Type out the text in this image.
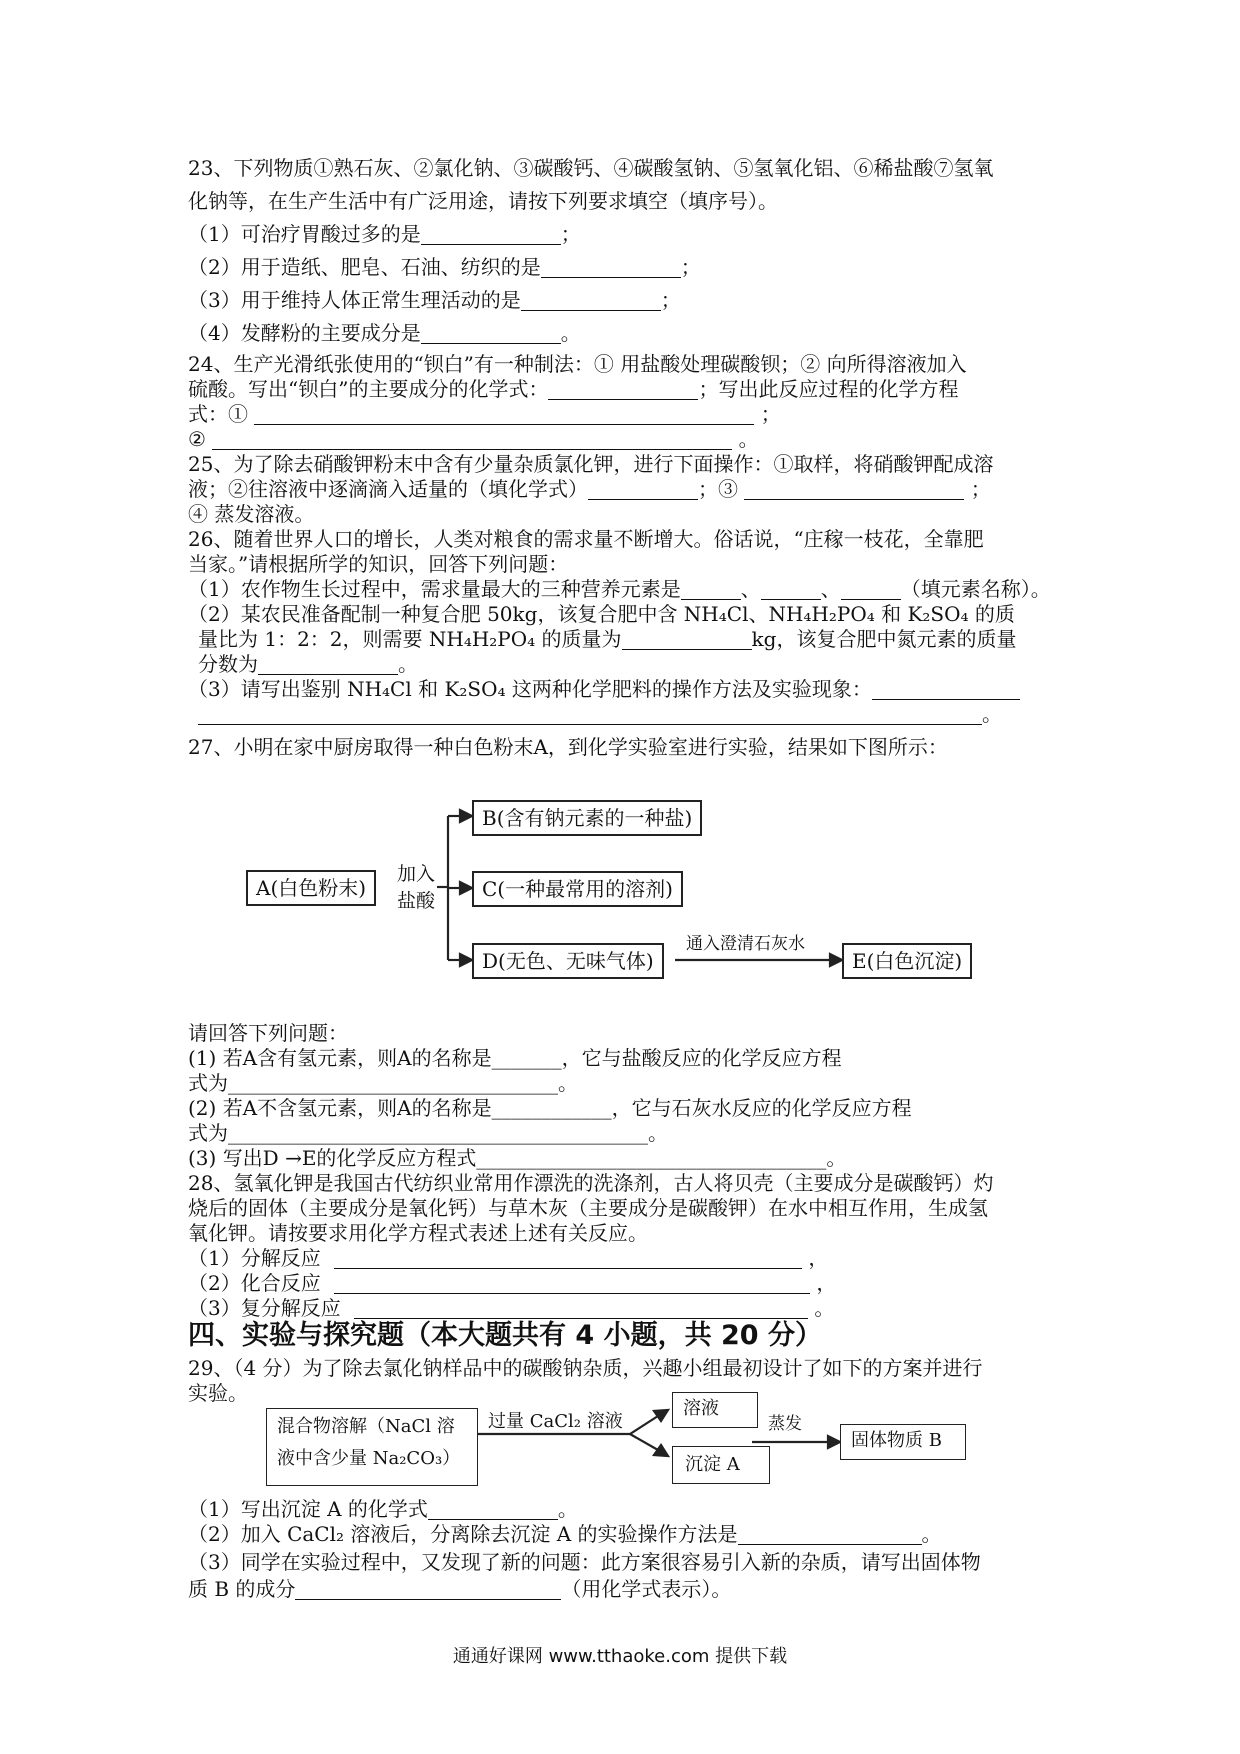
23、下列物质①熟石灰、②氯化钠、③碳酸钙、④碳酸氢钠、⑤氢氧化铝、⑥稀盐酸⑦氢氧
化钠等，在生产生活中有广泛用途，请按下列要求填空（填序号）。
（1）可治疗胃酸过多的是	；
（2）用于造纸、肥皂、石油、纺织的是	；
（3）用于维持人体正常生理活动的是	；
（4）发酵粉的主要成分是	。
24、生产光滑纸张使用的“钡白”有一种制法：① 用盐酸处理碳酸钡；② 向所得溶液加入
硫酸。写出“钡白”的主要成分的化学式：	；写出此反应过程的化学方程
式：①	；
②	。
25、为了除去硝酸钾粉末中含有少量杂质氯化钾，进行下面操作：①取样，将硝酸钾配成溶
液；②往溶液中逐滴滴入适量的（填化学式）	；③	；
④ 蒸发溶液。
26、随着世界人口的增长，人类对粮食的需求量不断增大。俗话说，“庄稼一枝花，全靠肥
当家。”请根据所学的知识，回答下列问题：
（1）农作物生长过程中，需求量最大的三种营养元素是	、	、	（填元素名称）。
（2）某农民准备配制一种复合肥 50kg，该复合肥中含 NH₄Cl、NH₄H₂PO₄ 和 K₂SO₄ 的质
量比为 1：2：2，则需要 NH₄H₂PO₄ 的质量为	kg，该复合肥中氮元素的质量
分数为	。
（3）请写出鉴别 NH₄Cl 和 K₂SO₄ 这两种化学肥料的操作方法及实验现象：
。
27、小明在家中厨房取得一种白色粉末A，到化学实验室进行实验，结果如下图所示：
A(白色粉末)
加入
盐酸
B(含有钠元素的一种盐)
C(一种最常用的溶剂)
D(无色、无味气体)
通入澄清石灰水
E(白色沉淀)
请回答下列问题：
(1) 若A含有氢元素，则A的名称是_______，它与盐酸反应的化学反应方程
式为_________________________________。
(2) 若A不含氢元素，则A的名称是____________，它与石灰水反应的化学反应方程
式为__________________________________________。
(3) 写出D →E的化学反应方程式___________________________________。
28、氢氧化钾是我国古代纺织业常用作漂洗的洗涤剂，古人将贝壳（主要成分是碳酸钙）灼
烧后的固体（主要成分是氧化钙）与草木灰（主要成分是碳酸钾）在水中相互作用，生成氢
氧化钾。请按要求用化学方程式表述上述有关反应。
（1）分解反应	，
（2）化合反应	，
（3）复分解反应	。
四、实验与探究题（本大题共有 4 小题，共 20 分）
29、（4 分）为了除去氯化钠样品中的碳酸钠杂质，兴趣小组最初设计了如下的方案并进行
实验。
混合物溶解（NaCl 溶
液中含少量 Na₂CO₃）
过量 CaCl₂ 溶液
溶液
蒸发
固体物质 B
沉淀 A
（1）写出沉淀 A 的化学式	。
（2）加入 CaCl₂ 溶液后，分离除去沉淀 A 的实验操作方法是	。
（3）同学在实验过程中，又发现了新的问题：此方案很容易引入新的杂质，请写出固体物
质 B 的成分	（用化学式表示）。
通通好课网 www.tthaoke.com 提供下载
